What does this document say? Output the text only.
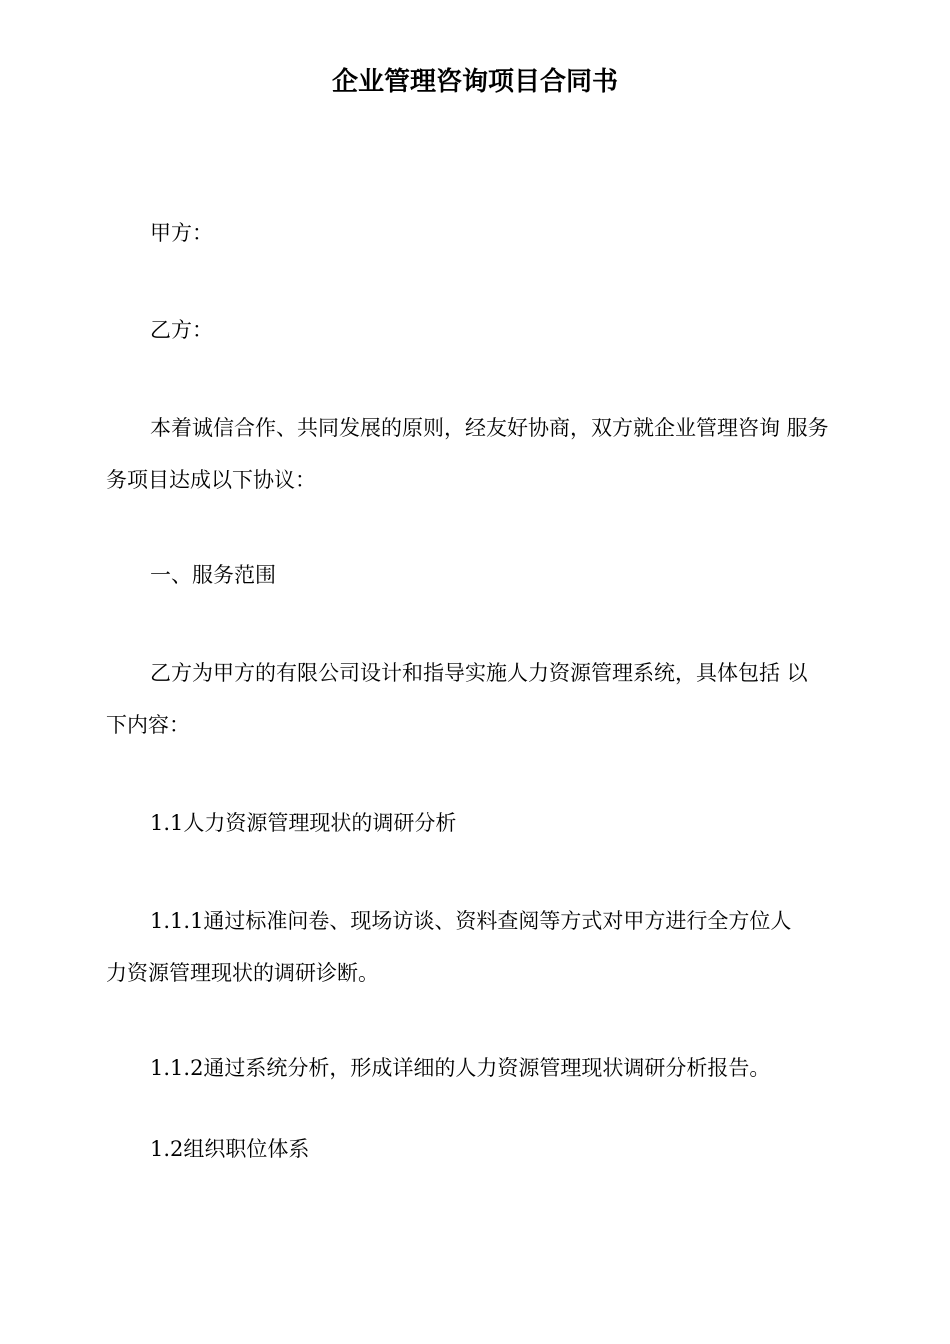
企业管理咨询项目合同书

甲方：

乙方：

本着诚信合作、共同发展的原则，经友好协商，双方就企业管理咨询 服务
务项目达成以下协议：

一、服务范围

乙方为甲方的有限公司设计和指导实施人力资源管理系统，具体包括 以
下内容：

1.1人力资源管理现状的调研分析

1.1.1通过标准问卷、现场访谈、资料查阅等方式对甲方进行全方位人
力资源管理现状的调研诊断。

1.1.2通过系统分析，形成详细的人力资源管理现状调研分析报告。

1.2组织职位体系
